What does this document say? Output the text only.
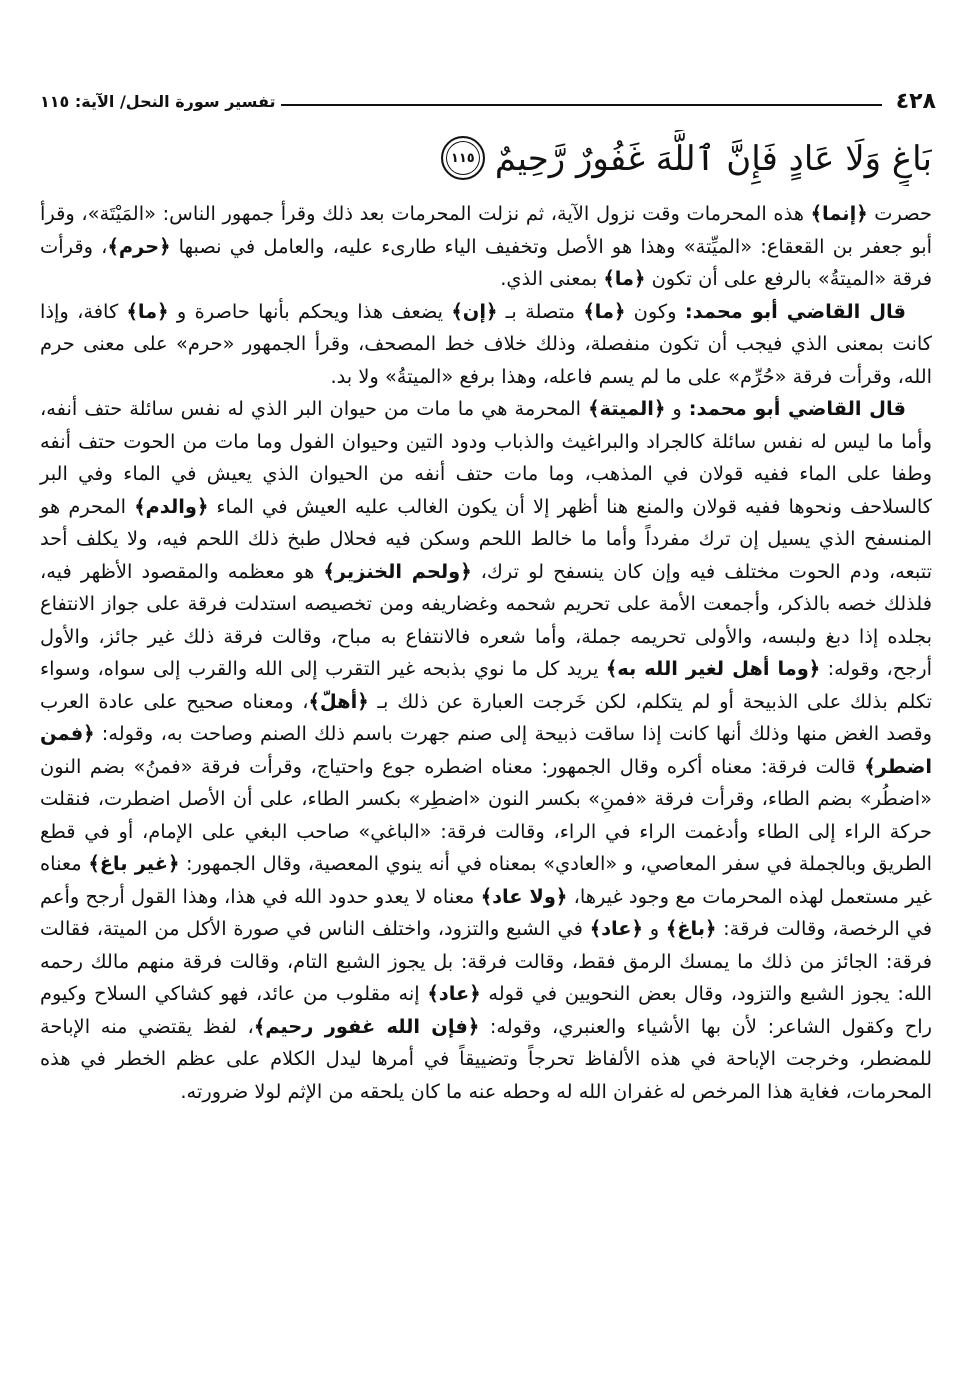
٤٢٨
تفسير سورة النحل/ الآية: ١١٥
بَاغٍ وَلَا عَادٍ فَإِنَّ ٱللَّهَ غَفُورٌ رَّحِيمٌ
١١٥

حصرت ﴿إنما﴾ هذه المحرمات وقت نزول الآية، ثم نزلت المحرمات بعد ذلك وقرأ جمهور الناس: «المَيْتَة»، وقرأ أبو جعفر بن القعقاع: «الميِّتة» وهذا هو الأصل وتخفيف الياء طارىء عليه، والعامل في نصبها ﴿حرم﴾، وقرأت فرقة «الميتةُ» بالرفع على أن تكون ﴿ما﴾ بمعنى الذي.

قال القاضي أبو محمد: وكون ﴿ما﴾ متصلة بـ ﴿إن﴾ يضعف هذا ويحكم بأنها حاصرة و ﴿ما﴾ كافة، وإذا كانت بمعنى الذي فيجب أن تكون منفصلة، وذلك خلاف خط المصحف، وقرأ الجمهور «حرم» على معنى حرم الله، وقرأت فرقة «حُرِّم» على ما لم يسم فاعله، وهذا برفع «الميتةُ» ولا بد.

قال القاضي أبو محمد: و ﴿الميتة﴾ المحرمة هي ما مات من حيوان البر الذي له نفس سائلة حتف أنفه، وأما ما ليس له نفس سائلة كالجراد والبراغيث والذباب ودود التين وحيوان الفول وما مات من الحوت حتف أنفه وطفا على الماء ففيه قولان في المذهب، وما مات حتف أنفه من الحيوان الذي يعيش في الماء وفي البر كالسلاحف ونحوها ففيه قولان والمنع هنا أظهر إلا أن يكون الغالب عليه العيش في الماء ﴿والدم﴾ المحرم هو المنسفح الذي يسيل إن ترك مفرداً وأما ما خالط اللحم وسكن فيه فحلال طبخ ذلك اللحم فيه، ولا يكلف أحد تتبعه، ودم الحوت مختلف فيه وإن كان ينسفح لو ترك، ﴿ولحم الخنزير﴾ هو معظمه والمقصود الأظهر فيه، فلذلك خصه بالذكر، وأجمعت الأمة على تحريم شحمه وغضاريفه ومن تخصيصه استدلت فرقة على جواز الانتفاع بجلده إذا دبغ ولبسه، والأولى تحريمه جملة، وأما شعره فالانتفاع به مباح، وقالت فرقة ذلك غير جائز، والأول أرجح، وقوله: ﴿وما أهل لغير الله به﴾ يريد كل ما نوي بذبحه غير التقرب إلى الله والقرب إلى سواه، وسواء تكلم بذلك على الذبيحة أو لم يتكلم، لكن خَرجت العبارة عن ذلك بـ ﴿أهلّ﴾، ومعناه صحيح على عادة العرب وقصد الغض منها وذلك أنها كانت إذا ساقت ذبيحة إلى صنم جهرت باسم ذلك الصنم وصاحت به، وقوله: ﴿فمن اضطر﴾ قالت فرقة: معناه أكره وقال الجمهور: معناه اضطره جوع واحتياج، وقرأت فرقة «فمنُ» بضم النون «اضطُر» بضم الطاء، وقرأت فرقة «فمنِ» بكسر النون «اضطِر» بكسر الطاء، على أن الأصل اضطرت، فنقلت حركة الراء إلى الطاء وأدغمت الراء في الراء، وقالت فرقة: «الباغي» صاحب البغي على الإمام، أو في قطع الطريق وبالجملة في سفر المعاصي، و «العادي» بمعناه في أنه ينوي المعصية، وقال الجمهور: ﴿غير باغ﴾ معناه غير مستعمل لهذه المحرمات مع وجود غيرها، ﴿ولا عاد﴾ معناه لا يعدو حدود الله في هذا، وهذا القول أرجح وأعم في الرخصة، وقالت فرقة: ﴿باغ﴾ و ﴿عاد﴾ في الشبع والتزود، واختلف الناس في صورة الأكل من الميتة، فقالت فرقة: الجائز من ذلك ما يمسك الرمق فقط، وقالت فرقة: بل يجوز الشبع التام، وقالت فرقة منهم مالك رحمه الله: يجوز الشبع والتزود، وقال بعض النحويين في قوله ﴿عاد﴾ إنه مقلوب من عائد، فهو كشاكي السلاح وكيوم راح وكقول الشاعر: لأن بها الأشياء والعنبري، وقوله: ﴿فإن الله غفور رحيم﴾، لفظ يقتضي منه الإباحة للمضطر، وخرجت الإباحة في هذه الألفاظ تحرجاً وتضييقاً في أمرها ليدل الكلام على عظم الخطر في هذه المحرمات، فغاية هذا المرخص له غفران الله له وحطه عنه ما كان يلحقه من الإثم لولا ضرورته.
